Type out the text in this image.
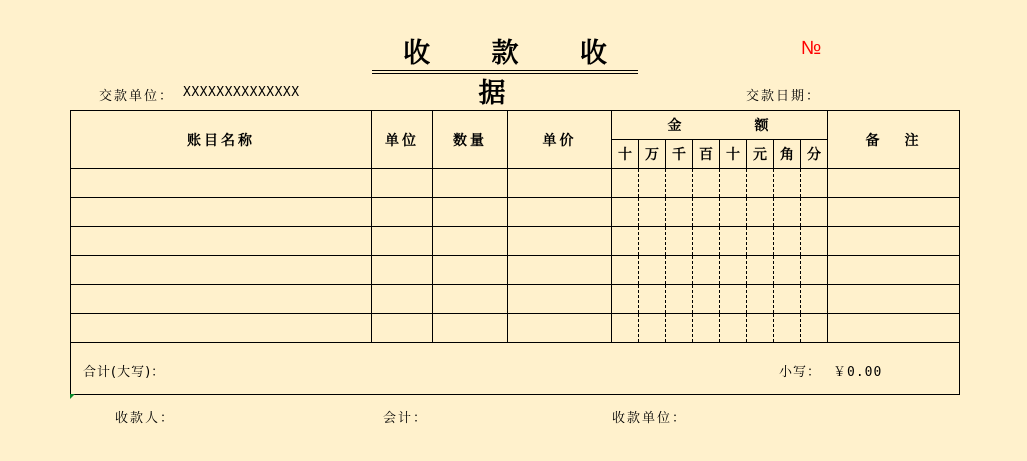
收 款 收 据
№
交款单位： XXXXXXXXXXXXXX	交款日期：
账目名称	单位	数量	单价	金 额								备 注
				十	万	千	百	十	元	角	分	

合计(大写)： 小写： ￥0.00												
收款人：	会计：	收款单位：
